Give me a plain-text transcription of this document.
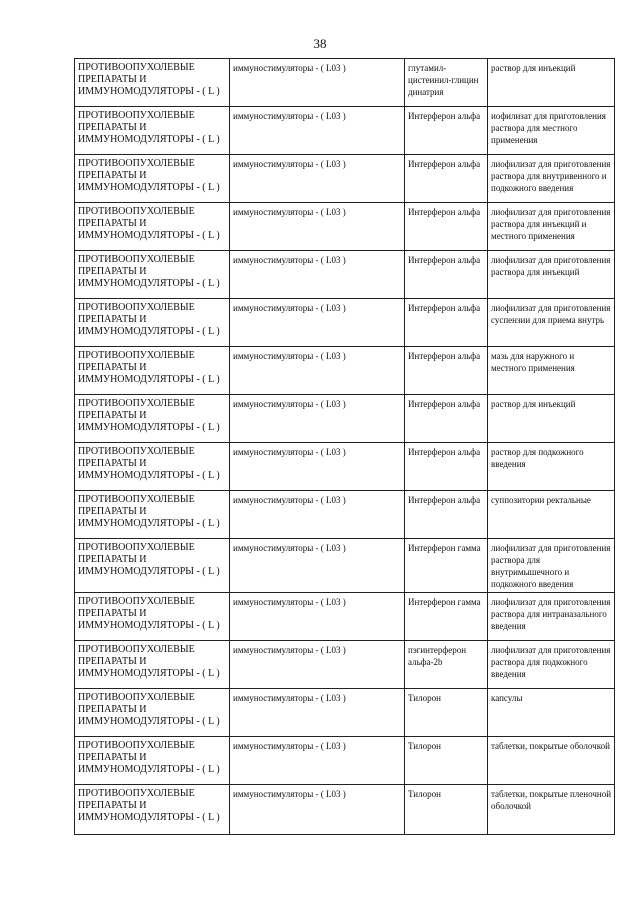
38
ПРОТИВООПУХОЛЕВЫЕ ПРЕПАРАТЫ И ИММУНОМОДУЛЯТОРЫ - ( L )	иммуностимуляторы - ( L03 )	глутамил-цистеинил-глицин динатрия	раствор для инъекций
ПРОТИВООПУХОЛЕВЫЕ ПРЕПАРАТЫ И ИММУНОМОДУЛЯТОРЫ - ( L )	иммуностимуляторы - ( L03 )	Интерферон альфа	иофилизат для приготовления раствора для местного применения
ПРОТИВООПУХОЛЕВЫЕ ПРЕПАРАТЫ И ИММУНОМОДУЛЯТОРЫ - ( L )	иммуностимуляторы - ( L03 )	Интерферон альфа	лиофилизат для приготовления раствора для внутривенного и подкожного введения
ПРОТИВООПУХОЛЕВЫЕ ПРЕПАРАТЫ И ИММУНОМОДУЛЯТОРЫ - ( L )	иммуностимуляторы - ( L03 )	Интерферон альфа	лиофилизат для приготовления раствора для инъекций и местного применения
ПРОТИВООПУХОЛЕВЫЕ ПРЕПАРАТЫ И ИММУНОМОДУЛЯТОРЫ - ( L )	иммуностимуляторы - ( L03 )	Интерферон альфа	лиофилизат для приготовления раствора для инъекций
ПРОТИВООПУХОЛЕВЫЕ ПРЕПАРАТЫ И ИММУНОМОДУЛЯТОРЫ - ( L )	иммуностимуляторы - ( L03 )	Интерферон альфа	лиофилизат для приготовления суспензии для приема внутрь
ПРОТИВООПУХОЛЕВЫЕ ПРЕПАРАТЫ И ИММУНОМОДУЛЯТОРЫ - ( L )	иммуностимуляторы - ( L03 )	Интерферон альфа	мазь для наружного и местного применения
ПРОТИВООПУХОЛЕВЫЕ ПРЕПАРАТЫ И ИММУНОМОДУЛЯТОРЫ - ( L )	иммуностимуляторы - ( L03 )	Интерферон альфа	раствор для инъекций
ПРОТИВООПУХОЛЕВЫЕ ПРЕПАРАТЫ И ИММУНОМОДУЛЯТОРЫ - ( L )	иммуностимуляторы - ( L03 )	Интерферон альфа	раствор для подкожного введения
ПРОТИВООПУХОЛЕВЫЕ ПРЕПАРАТЫ И ИММУНОМОДУЛЯТОРЫ - ( L )	иммуностимуляторы - ( L03 )	Интерферон альфа	суппозитории ректальные
ПРОТИВООПУХОЛЕВЫЕ ПРЕПАРАТЫ И ИММУНОМОДУЛЯТОРЫ - ( L )	иммуностимуляторы - ( L03 )	Интерферон гамма	лиофилизат для приготовления раствора для внутримышечного и подкожного введения
ПРОТИВООПУХОЛЕВЫЕ ПРЕПАРАТЫ И ИММУНОМОДУЛЯТОРЫ - ( L )	иммуностимуляторы - ( L03 )	Интерферон гамма	лиофилизат для приготовления раствора для интраназального введения
ПРОТИВООПУХОЛЕВЫЕ ПРЕПАРАТЫ И ИММУНОМОДУЛЯТОРЫ - ( L )	иммуностимуляторы - ( L03 )	пэгинтерферон альфа-2b	лиофилизат для приготовления раствора для подкожного введения
ПРОТИВООПУХОЛЕВЫЕ ПРЕПАРАТЫ И ИММУНОМОДУЛЯТОРЫ - ( L )	иммуностимуляторы - ( L03 )	Тилорон	капсулы
ПРОТИВООПУХОЛЕВЫЕ ПРЕПАРАТЫ И ИММУНОМОДУЛЯТОРЫ - ( L )	иммуностимуляторы - ( L03 )	Тилорон	таблетки, покрытые оболочкой
ПРОТИВООПУХОЛЕВЫЕ ПРЕПАРАТЫ И ИММУНОМОДУЛЯТОРЫ - ( L )	иммуностимуляторы - ( L03 )	Тилорон	таблетки, покрытые пленочной оболочкой
